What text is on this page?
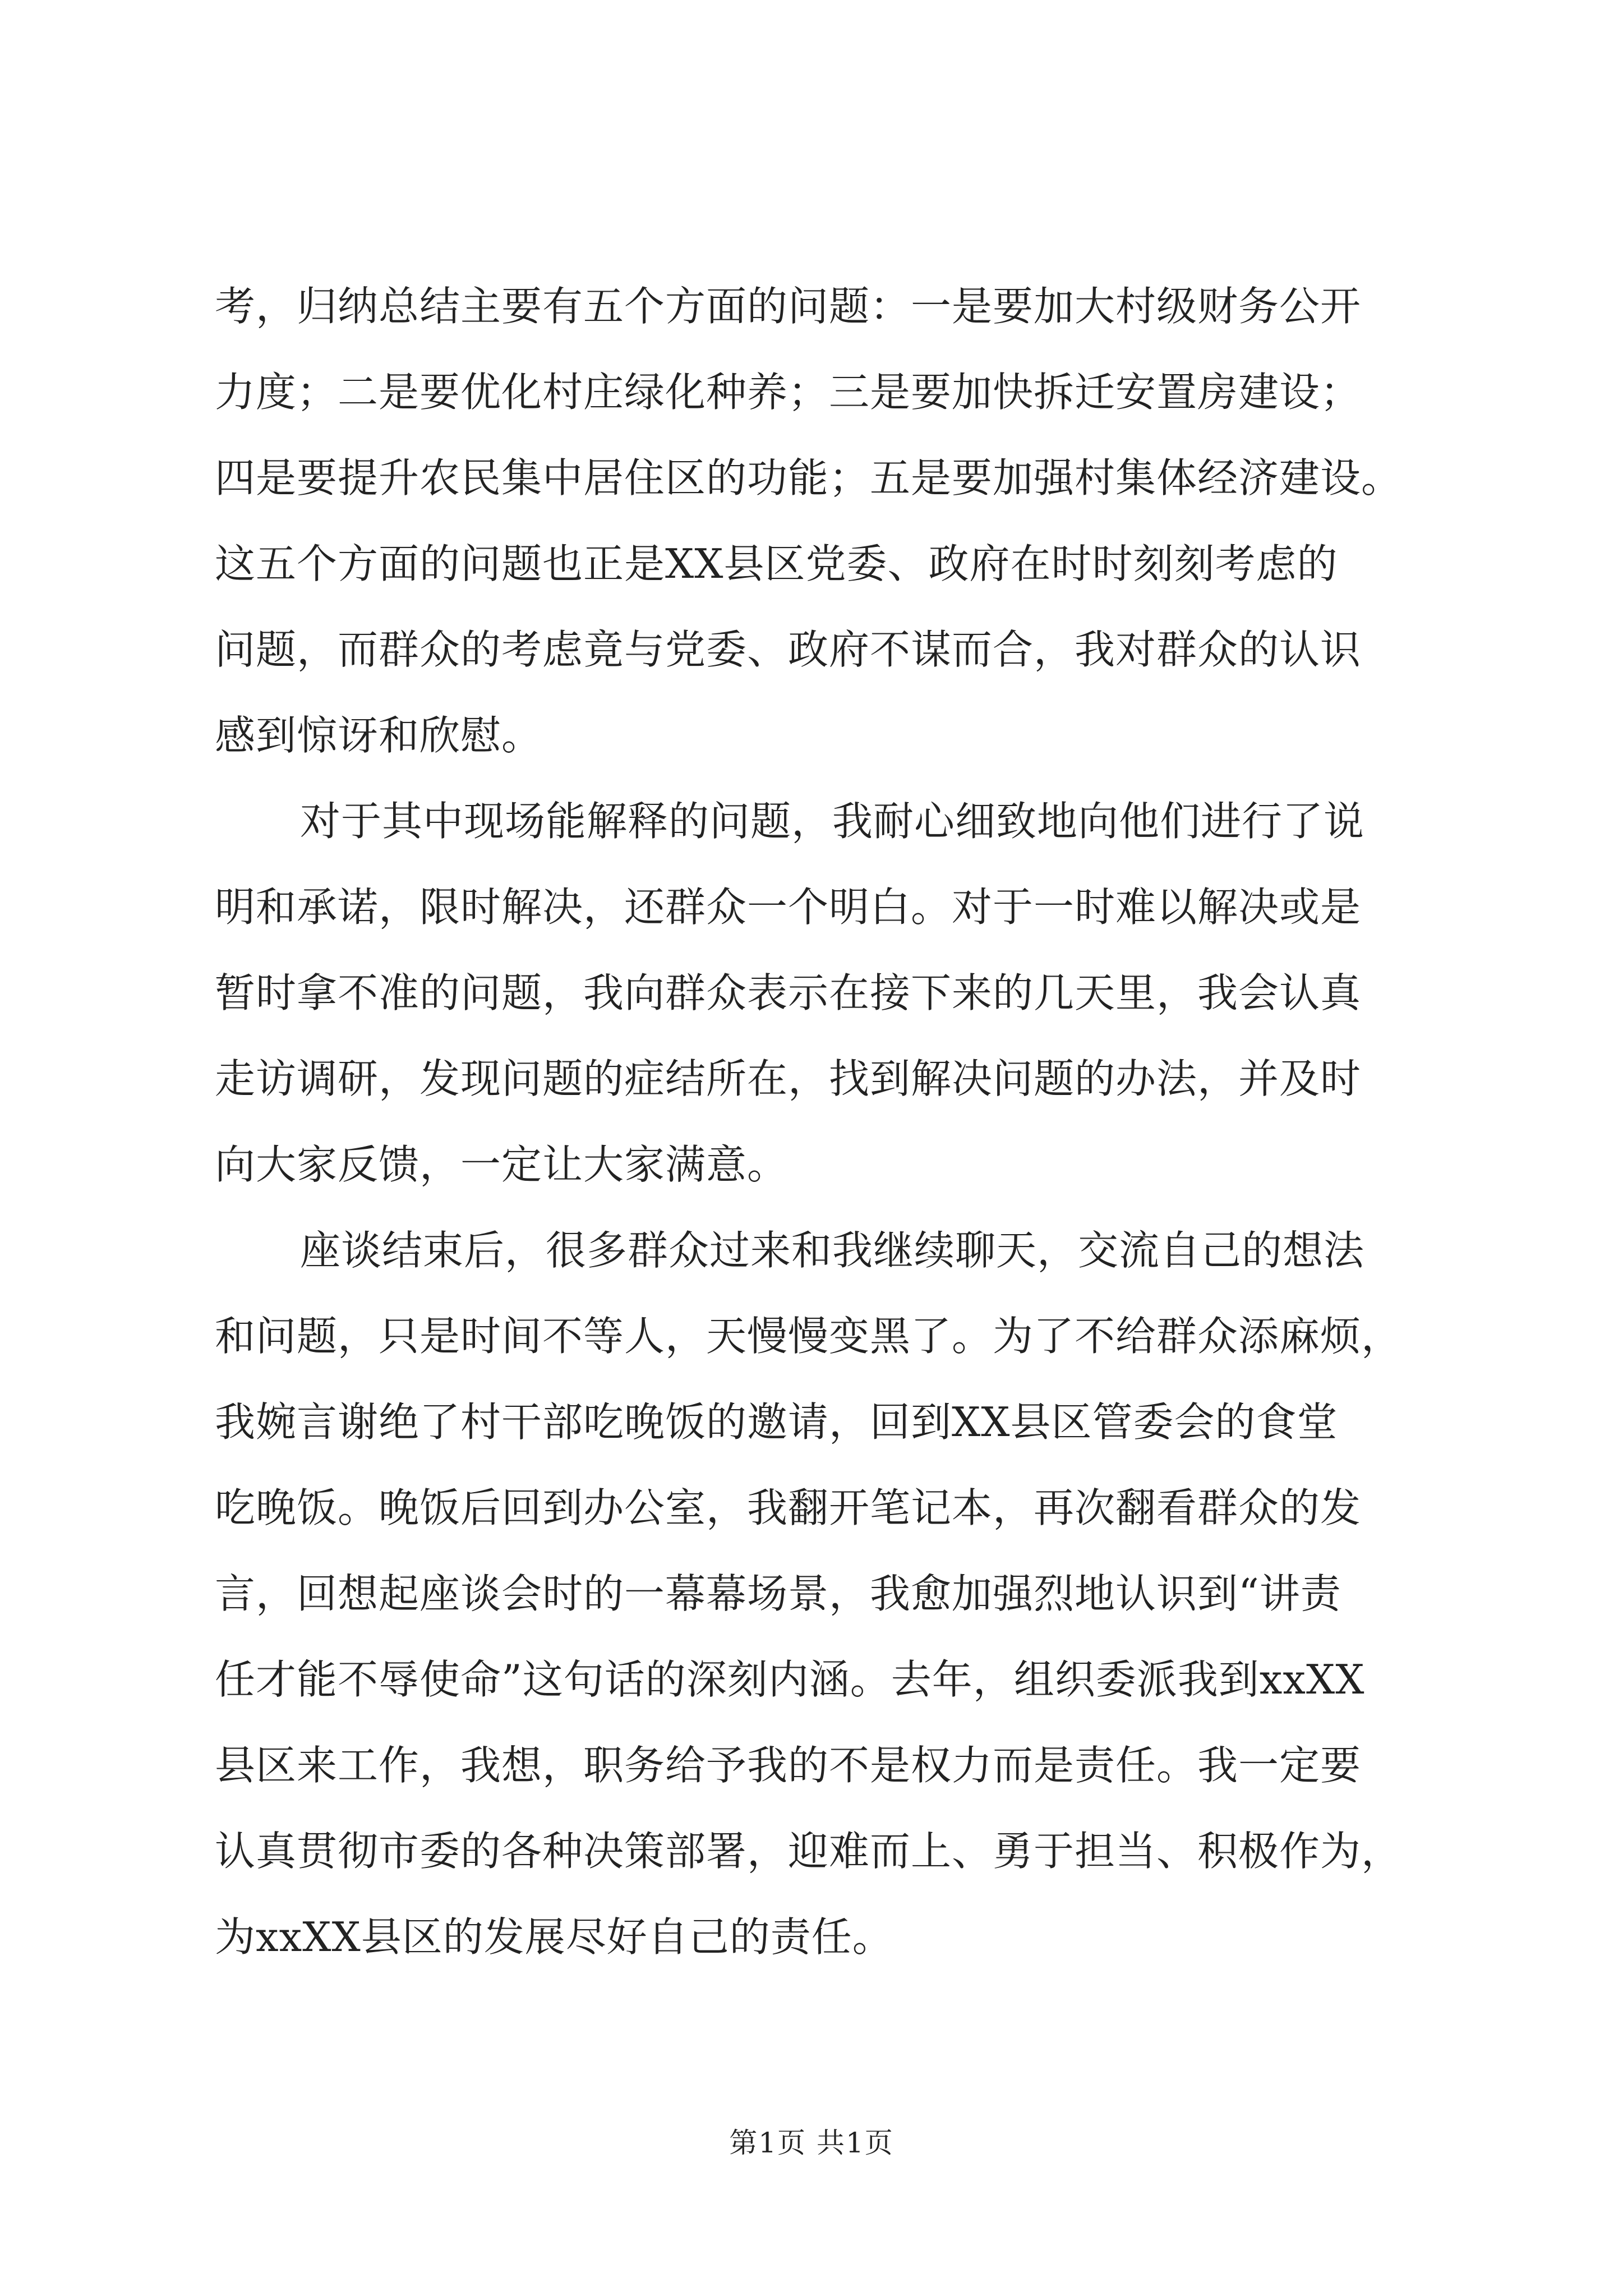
考，归纳总结主要有五个方面的问题：一是要加大村级财务公开
力度；二是要优化村庄绿化种养；三是要加快拆迁安置房建设；
四是要提升农民集中居住区的功能；五是要加强村集体经济建设。
这五个方面的问题也正是XX县区党委、政府在时时刻刻考虑的
问题，而群众的考虑竟与党委、政府不谋而合，我对群众的认识
感到惊讶和欣慰。
对于其中现场能解释的问题，我耐心细致地向他们进行了说
明和承诺，限时解决，还群众一个明白。对于一时难以解决或是
暂时拿不准的问题，我向群众表示在接下来的几天里，我会认真
走访调研，发现问题的症结所在，找到解决问题的办法，并及时
向大家反馈，一定让大家满意。
座谈结束后，很多群众过来和我继续聊天，交流自己的想法
和问题，只是时间不等人，天慢慢变黑了。为了不给群众添麻烦，
我婉言谢绝了村干部吃晚饭的邀请，回到XX县区管委会的食堂
吃晚饭。晚饭后回到办公室，我翻开笔记本，再次翻看群众的发
言，回想起座谈会时的一幕幕场景，我愈加强烈地认识到“讲责
任才能不辱使命”这句话的深刻内涵。去年，组织委派我到xxXX
县区来工作，我想，职务给予我的不是权力而是责任。我一定要
认真贯彻市委的各种决策部署，迎难而上、勇于担当、积极作为，
为xxXX县区的发展尽好自己的责任。
第1页 共1页
